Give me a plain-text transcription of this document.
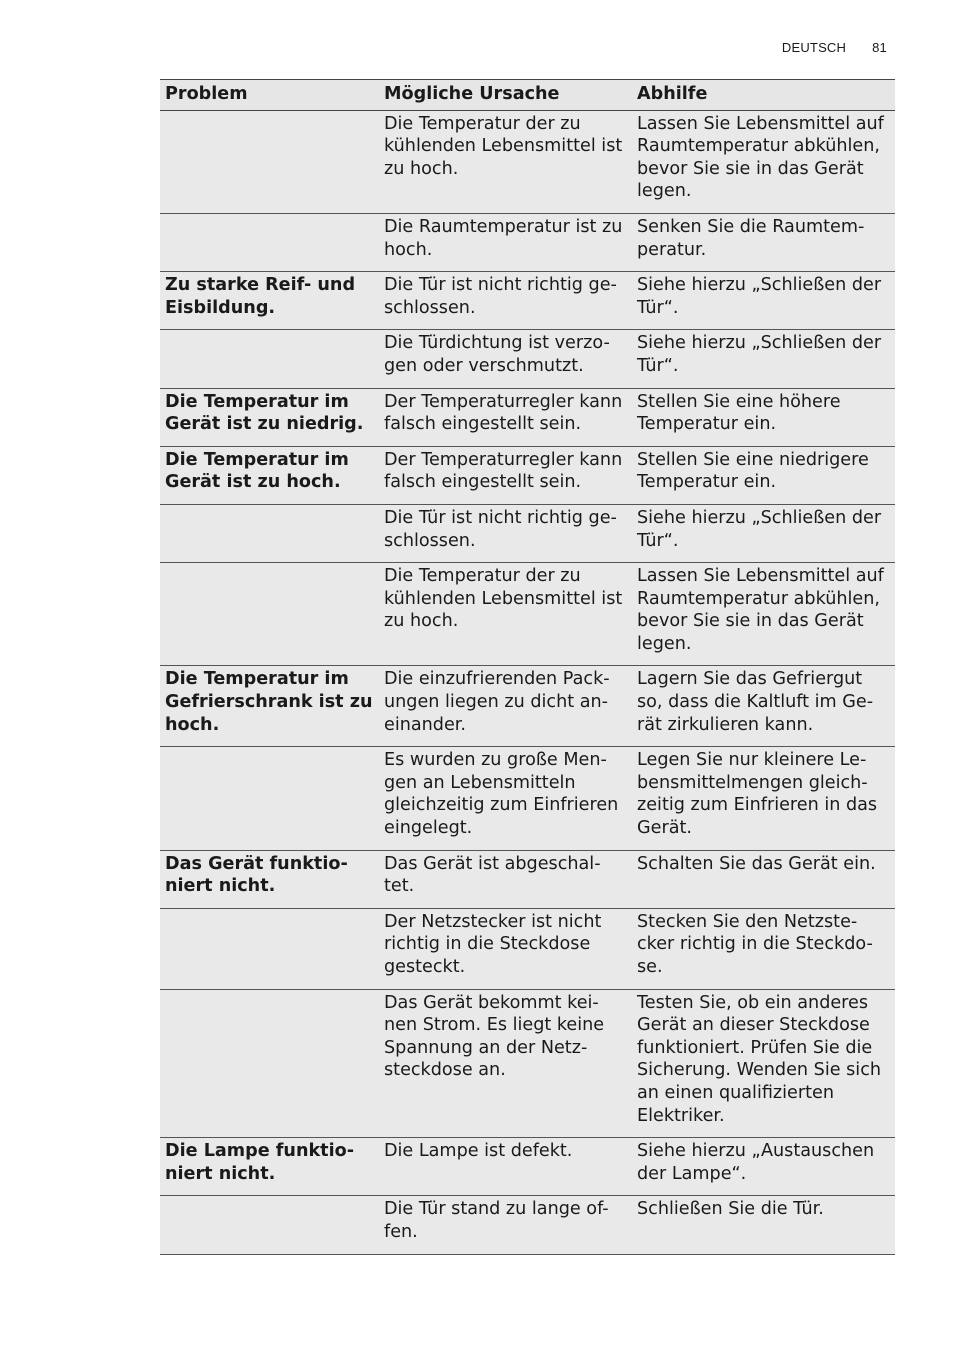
DEUTSCH 81
Problem	Mögliche Ursache	Abhilfe
	Die Temperatur der zu kühlenden Lebensmittel ist zu hoch.	Lassen Sie Lebensmittel auf Raumtemperatur abkühlen, bevor Sie sie in das Gerät legen.
	Die Raumtemperatur ist zu hoch.	Senken Sie die Raumtem- peratur.
Zu starke Reif- und Eisbildung.	Die Tür ist nicht richtig ge- schlossen.	Siehe hierzu „Schließen der Tür“.
	Die Türdichtung ist verzo- gen oder verschmutzt.	Siehe hierzu „Schließen der Tür“.
Die Temperatur im Gerät ist zu niedrig.	Der Temperaturregler kann falsch eingestellt sein.	Stellen Sie eine höhere Temperatur ein.
Die Temperatur im Gerät ist zu hoch.	Der Temperaturregler kann falsch eingestellt sein.	Stellen Sie eine niedrigere Temperatur ein.
	Die Tür ist nicht richtig ge- schlossen.	Siehe hierzu „Schließen der Tür“.
	Die Temperatur der zu kühlenden Lebensmittel ist zu hoch.	Lassen Sie Lebensmittel auf Raumtemperatur abkühlen, bevor Sie sie in das Gerät legen.
Die Temperatur im Gefrierschrank ist zu hoch.	Die einzufrierenden Pack- ungen liegen zu dicht an- einander.	Lagern Sie das Gefriergut so, dass die Kaltluft im Ge- rät zirkulieren kann.
	Es wurden zu große Men- gen an Lebensmitteln gleichzeitig zum Einfrieren eingelegt.	Legen Sie nur kleinere Le- bensmittelmengen gleich- zeitig zum Einfrieren in das Gerät.
Das Gerät funktio- niert nicht.	Das Gerät ist abgeschal- tet.	Schalten Sie das Gerät ein.
	Der Netzstecker ist nicht richtig in die Steckdose gesteckt.	Stecken Sie den Netzste- cker richtig in die Steckdo- se.
	Das Gerät bekommt kei- nen Strom. Es liegt keine Spannung an der Netz- steckdose an.	Testen Sie, ob ein anderes Gerät an dieser Steckdose funktioniert. Prüfen Sie die Sicherung. Wenden Sie sich an einen qualifizierten Elektriker.
Die Lampe funktio- niert nicht.	Die Lampe ist defekt.	Siehe hierzu „Austauschen der Lampe“.
	Die Tür stand zu lange of- fen.	Schließen Sie die Tür.
